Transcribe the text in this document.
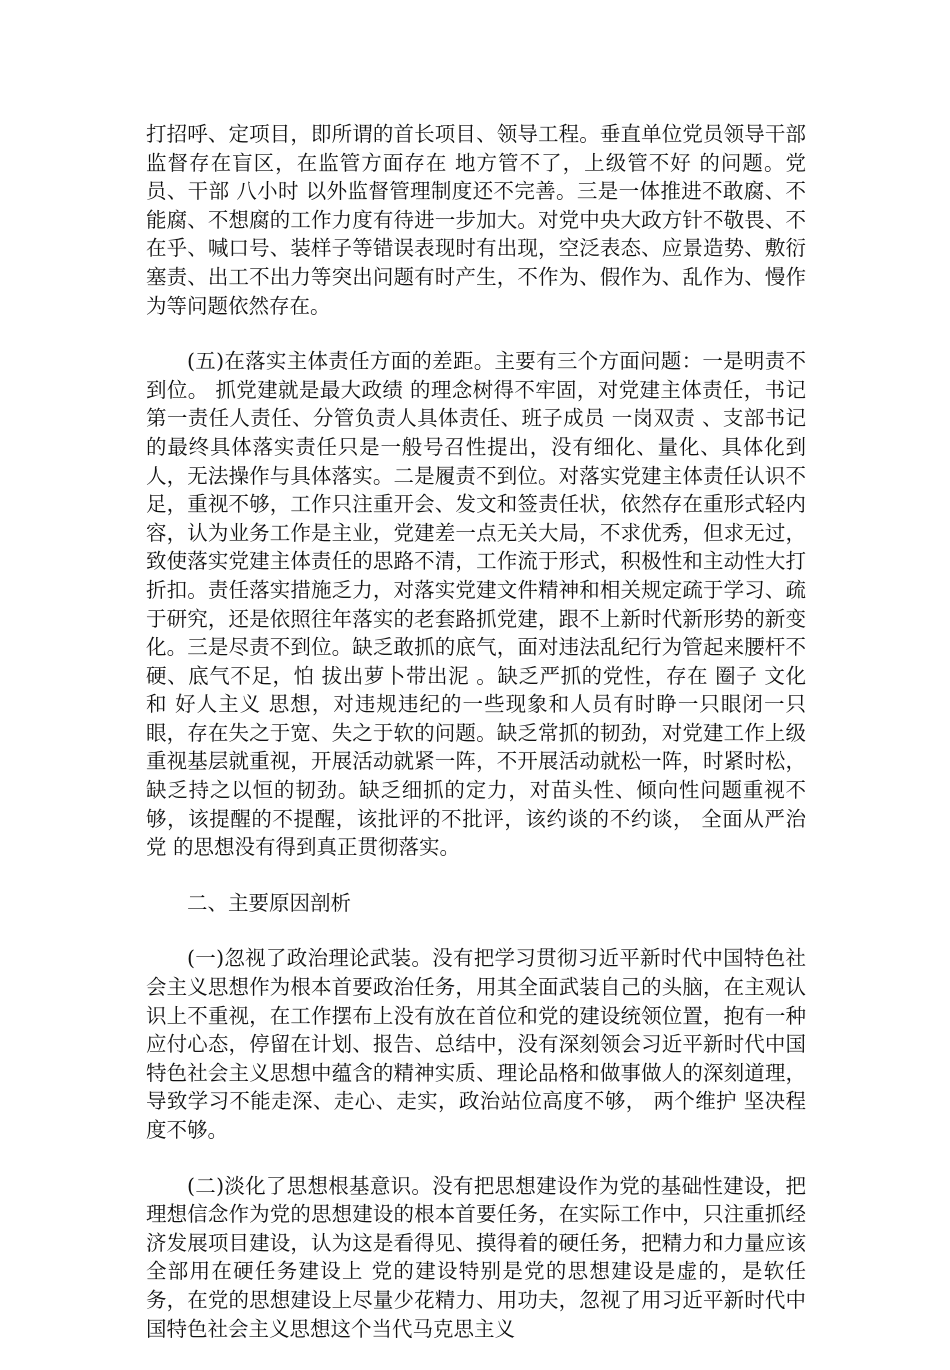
打招呼、定项目，即所谓的首长项目、领导工程。垂直单位党员领导干部监督存在盲区，在监管方面存在 地方管不了，上级管不好 的问题。党员、干部 八小时 以外监督管理制度还不完善。三是一体推进不敢腐、不能腐、不想腐的工作力度有待进一步加大。对党中央大政方针不敬畏、不在乎、喊口号、装样子等错误表现时有出现，空泛表态、应景造势、敷衍塞责、出工不出力等突出问题有时产生，不作为、假作为、乱作为、慢作为等问题依然存在。

(五)在落实主体责任方面的差距。主要有三个方面问题：一是明责不到位。 抓党建就是最大政绩 的理念树得不牢固，对党建主体责任，书记第一责任人责任、分管负责人具体责任、班子成员 一岗双责 、支部书记的最终具体落实责任只是一般号召性提出，没有细化、量化、具体化到人，无法操作与具体落实。二是履责不到位。对落实党建主体责任认识不足，重视不够，工作只注重开会、发文和签责任状，依然存在重形式轻内容，认为业务工作是主业，党建差一点无关大局，不求优秀，但求无过，致使落实党建主体责任的思路不清，工作流于形式，积极性和主动性大打折扣。责任落实措施乏力，对落实党建文件精神和相关规定疏于学习、疏于研究，还是依照往年落实的老套路抓党建，跟不上新时代新形势的新变化。三是尽责不到位。缺乏敢抓的底气，面对违法乱纪行为管起来腰杆不硬、底气不足，怕 拔出萝卜带出泥 。缺乏严抓的党性，存在 圈子 文化和 好人主义 思想，对违规违纪的一些现象和人员有时睁一只眼闭一只眼，存在失之于宽、失之于软的问题。缺乏常抓的韧劲，对党建工作上级重视基层就重视，开展活动就紧一阵，不开展活动就松一阵，时紧时松，缺乏持之以恒的韧劲。缺乏细抓的定力，对苗头性、倾向性问题重视不够，该提醒的不提醒，该批评的不批评，该约谈的不约谈， 全面从严治党 的思想没有得到真正贯彻落实。

二、主要原因剖析

(一)忽视了政治理论武装。没有把学习贯彻习近平新时代中国特色社会主义思想作为根本首要政治任务，用其全面武装自己的头脑，在主观认识上不重视，在工作摆布上没有放在首位和党的建设统领位置，抱有一种应付心态，停留在计划、报告、总结中，没有深刻领会习近平新时代中国特色社会主义思想中蕴含的精神实质、理论品格和做事做人的深刻道理，导致学习不能走深、走心、走实，政治站位高度不够， 两个维护 坚决程度不够。

(二)淡化了思想根基意识。没有把思想建设作为党的基础性建设，把理想信念作为党的思想建设的根本首要任务，在实际工作中，只注重抓经济发展项目建设，认为这是看得见、摸得着的硬任务，把精力和力量应该全部用在硬任务建设上 党的建设特别是党的思想建设是虚的，是软任务，在党的思想建设上尽量少花精力、用功夫，忽视了用习近平新时代中国特色社会主义思想这个当代马克思主义
